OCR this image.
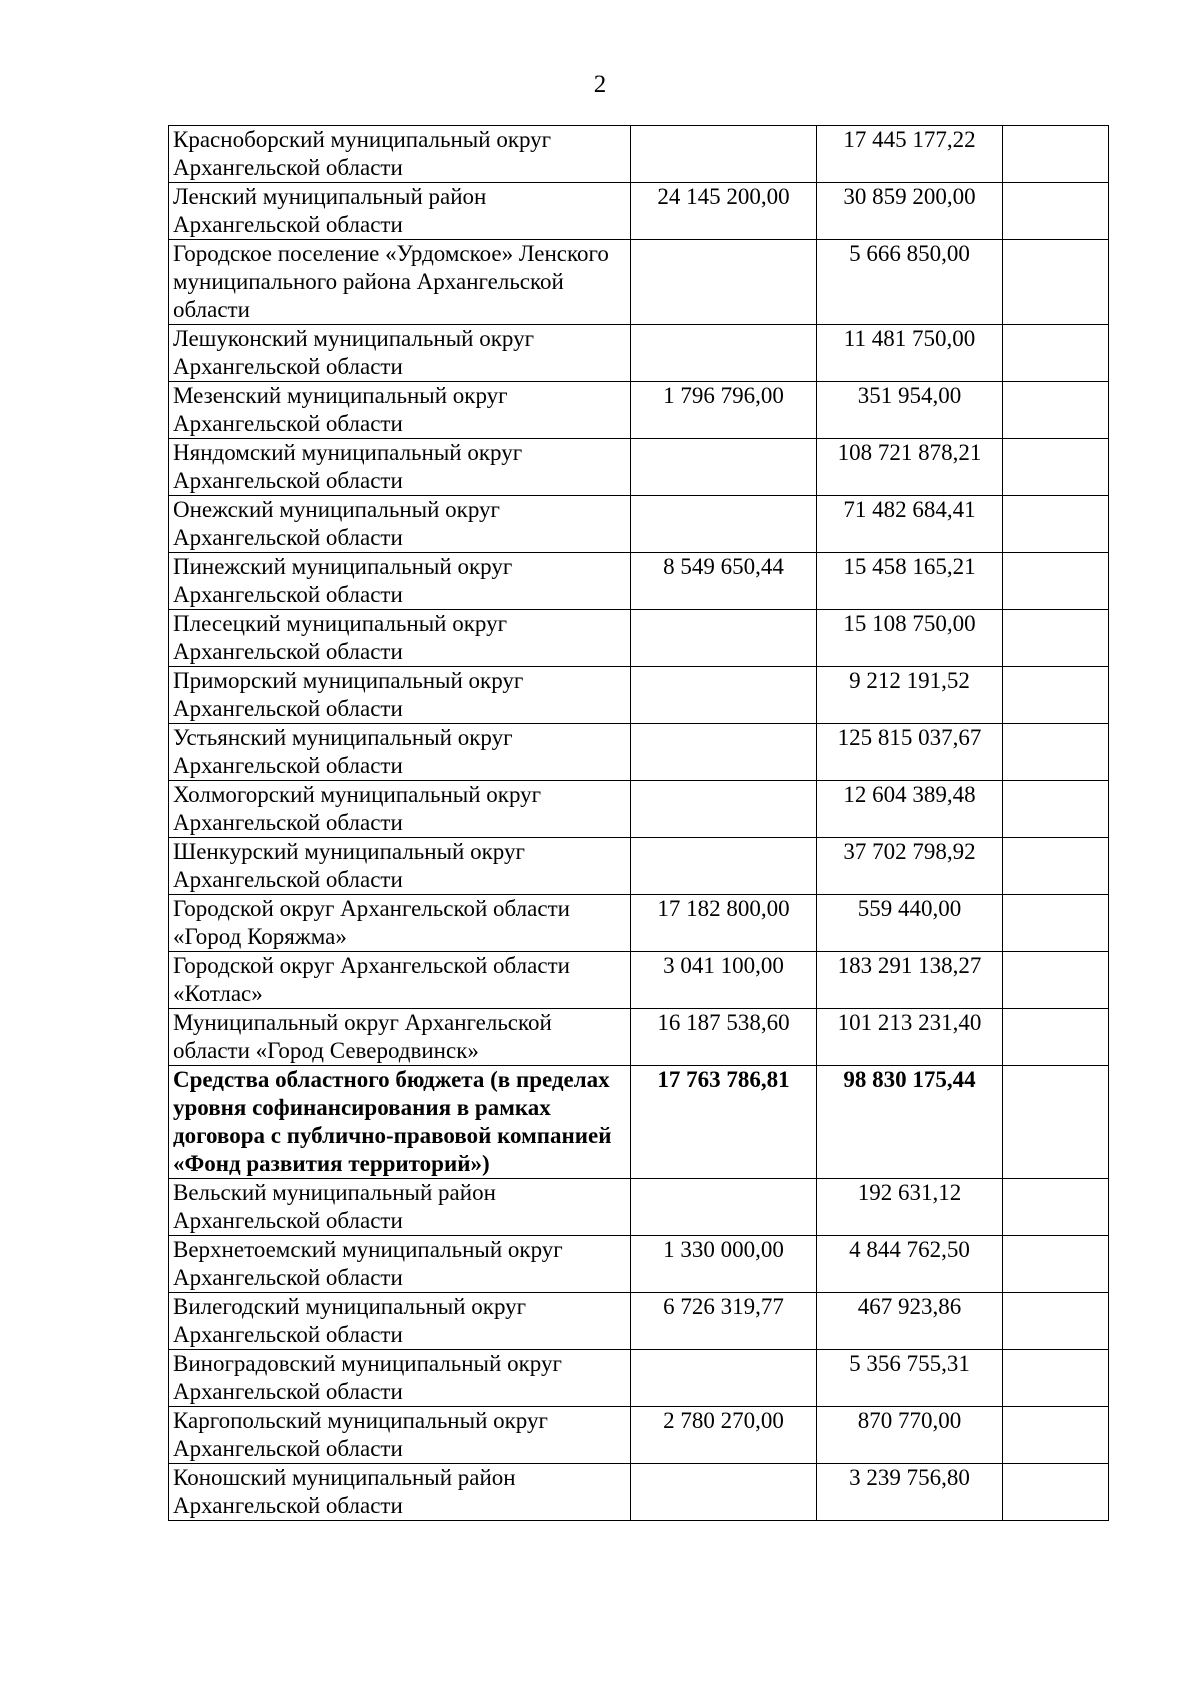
2
Красноборский муниципальный округ Архангельской области		17 445 177,22	
Ленский муниципальный район Архангельской области	24 145 200,00	30 859 200,00	
Городское поселение «Урдомское» Ленского муниципального района Архангельской области		5 666 850,00	
Лешуконский муниципальный округ Архангельской области		11 481 750,00	
Мезенский муниципальный округ Архангельской области	1 796 796,00	351 954,00	
Няндомский муниципальный округ Архангельской области		108 721 878,21	
Онежский муниципальный округ Архангельской области		71 482 684,41	
Пинежский муниципальный округ Архангельской области	8 549 650,44	15 458 165,21	
Плесецкий муниципальный округ Архангельской области		15 108 750,00	
Приморский муниципальный округ Архангельской области		9 212 191,52	
Устьянский муниципальный округ Архангельской области		125 815 037,67	
Холмогорский муниципальный округ Архангельской области		12 604 389,48	
Шенкурский муниципальный округ Архангельской области		37 702 798,92	
Городской округ Архангельской области «Город Коряжма»	17 182 800,00	559 440,00	
Городской округ Архангельской области «Котлас»	3 041 100,00	183 291 138,27	
Муниципальный округ Архангельской области «Город Северодвинск»	16 187 538,60	101 213 231,40	
Средства областного бюджета (в пределах уровня софинансирования в рамках договора с публично-правовой компанией «Фонд развития территорий»)	17 763 786,81	98 830 175,44	
Вельский муниципальный район Архангельской области		192 631,12	
Верхнетоемский муниципальный округ Архангельской области	1 330 000,00	4 844 762,50	
Вилегодский муниципальный округ Архангельской области	6 726 319,77	467 923,86	
Виноградовский муниципальный округ Архангельской области		5 356 755,31	
Каргопольский муниципальный округ Архангельской области	2 780 270,00	870 770,00	
Коношский муниципальный район Архангельской области		3 239 756,80	
